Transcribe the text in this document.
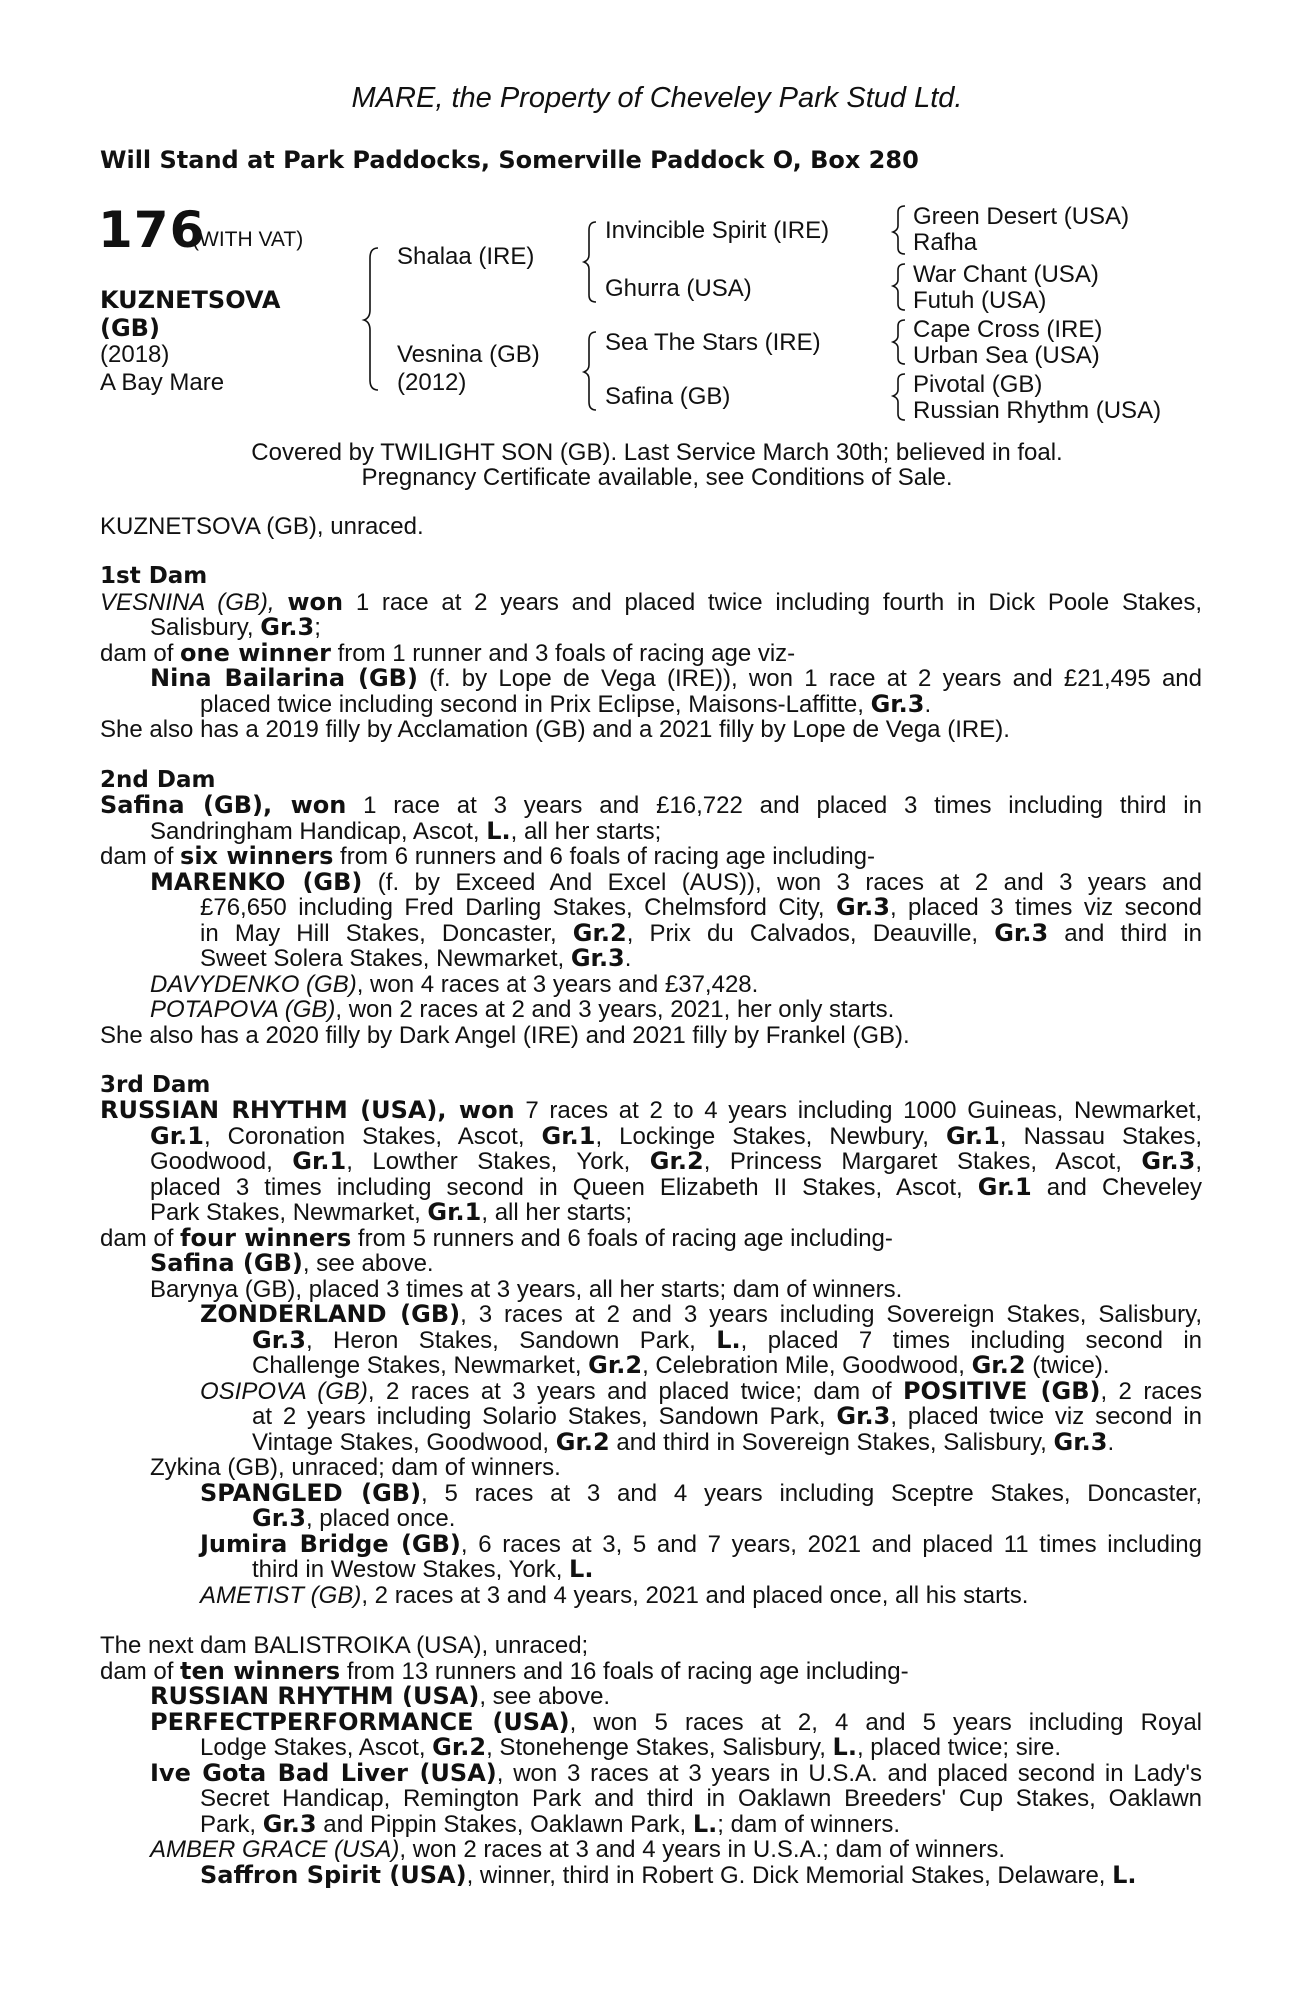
MARE, the Property of Cheveley Park Stud Ltd.
Will Stand at Park Paddocks, Somerville Paddock O, Box 280
176
(WITH VAT)
KUZNETSOVA
(GB)
(2018)
A Bay Mare
Shalaa (IRE)
Vesnina (GB)
(2012)
Invincible Spirit (IRE)
Ghurra (USA)
Sea The Stars (IRE)
Safina (GB)
Green Desert (USA)
Rafha
War Chant (USA)
Futuh (USA)
Cape Cross (IRE)
Urban Sea (USA)
Pivotal (GB)
Russian Rhythm (USA)
Covered by TWILIGHT SON (GB). Last Service March 30th; believed in foal.
Pregnancy Certificate available, see Conditions of Sale.
KUZNETSOVA (GB), unraced.
1st Dam
VESNINA (GB), won 1 race at 2 years and placed twice including fourth in Dick Poole Stakes,
Salisbury, Gr.3;
dam of one winner from 1 runner and 3 foals of racing age viz-
Nina Bailarina (GB) (f. by Lope de Vega (IRE)), won 1 race at 2 years and £21,495 and
placed twice including second in Prix Eclipse, Maisons-Laffitte, Gr.3.
She also has a 2019 filly by Acclamation (GB) and a 2021 filly by Lope de Vega (IRE).
2nd Dam
Safina (GB), won 1 race at 3 years and £16,722 and placed 3 times including third in
Sandringham Handicap, Ascot, L., all her starts;
dam of six winners from 6 runners and 6 foals of racing age including-
MARENKO (GB) (f. by Exceed And Excel (AUS)), won 3 races at 2 and 3 years and
£76,650 including Fred Darling Stakes, Chelmsford City, Gr.3, placed 3 times viz second
in May Hill Stakes, Doncaster, Gr.2, Prix du Calvados, Deauville, Gr.3 and third in
Sweet Solera Stakes, Newmarket, Gr.3.
DAVYDENKO (GB), won 4 races at 3 years and £37,428.
POTAPOVA (GB), won 2 races at 2 and 3 years, 2021, her only starts.
She also has a 2020 filly by Dark Angel (IRE) and 2021 filly by Frankel (GB).
3rd Dam
RUSSIAN RHYTHM (USA), won 7 races at 2 to 4 years including 1000 Guineas, Newmarket,
Gr.1, Coronation Stakes, Ascot, Gr.1, Lockinge Stakes, Newbury, Gr.1, Nassau Stakes,
Goodwood, Gr.1, Lowther Stakes, York, Gr.2, Princess Margaret Stakes, Ascot, Gr.3,
placed 3 times including second in Queen Elizabeth II Stakes, Ascot, Gr.1 and Cheveley
Park Stakes, Newmarket, Gr.1, all her starts;
dam of four winners from 5 runners and 6 foals of racing age including-
Safina (GB), see above.
Barynya (GB), placed 3 times at 3 years, all her starts; dam of winners.
ZONDERLAND (GB), 3 races at 2 and 3 years including Sovereign Stakes, Salisbury,
Gr.3, Heron Stakes, Sandown Park, L., placed 7 times including second in
Challenge Stakes, Newmarket, Gr.2, Celebration Mile, Goodwood, Gr.2 (twice).
OSIPOVA (GB), 2 races at 3 years and placed twice; dam of POSITIVE (GB), 2 races
at 2 years including Solario Stakes, Sandown Park, Gr.3, placed twice viz second in
Vintage Stakes, Goodwood, Gr.2 and third in Sovereign Stakes, Salisbury, Gr.3.
Zykina (GB), unraced; dam of winners.
SPANGLED (GB), 5 races at 3 and 4 years including Sceptre Stakes, Doncaster,
Gr.3, placed once.
Jumira Bridge (GB), 6 races at 3, 5 and 7 years, 2021 and placed 11 times including
third in Westow Stakes, York, L.
AMETIST (GB), 2 races at 3 and 4 years, 2021 and placed once, all his starts.
The next dam BALISTROIKA (USA), unraced;
dam of ten winners from 13 runners and 16 foals of racing age including-
RUSSIAN RHYTHM (USA), see above.
PERFECTPERFORMANCE (USA), won 5 races at 2, 4 and 5 years including Royal
Lodge Stakes, Ascot, Gr.2, Stonehenge Stakes, Salisbury, L., placed twice; sire.
Ive Gota Bad Liver (USA), won 3 races at 3 years in U.S.A. and placed second in Lady's
Secret Handicap, Remington Park and third in Oaklawn Breeders' Cup Stakes, Oaklawn
Park, Gr.3 and Pippin Stakes, Oaklawn Park, L.; dam of winners.
AMBER GRACE (USA), won 2 races at 3 and 4 years in U.S.A.; dam of winners.
Saffron Spirit (USA), winner, third in Robert G. Dick Memorial Stakes, Delaware, L.
